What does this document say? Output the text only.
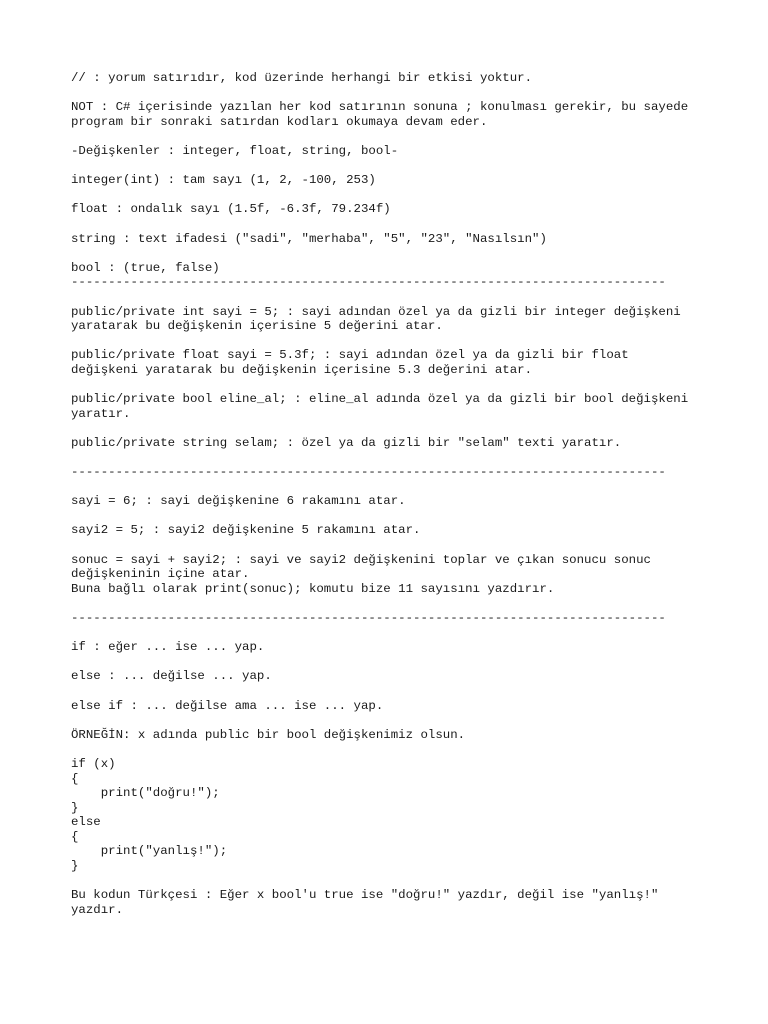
// : yorum satırıdır, kod üzerinde herhangi bir etkisi yoktur.
NOT : C# içerisinde yazılan her kod satırının sonuna ; konulması gerekir, bu sayede
program bir sonraki satırdan kodları okumaya devam eder.
-Değişkenler : integer, float, string, bool-
integer(int) : tam sayı (1, 2, -100, 253)
float : ondalık sayı (1.5f, -6.3f, 79.234f)
string : text ifadesi ("sadi", "merhaba", "5", "23", "Nasılsın")
bool : (true, false)
--------------------------------------------------------------------------------
public/private int sayi = 5; : sayi adından özel ya da gizli bir integer değişkeni
yaratarak bu değişkenin içerisine 5 değerini atar.
public/private float sayi = 5.3f; : sayi adından özel ya da gizli bir float
değişkeni yaratarak bu değişkenin içerisine 5.3 değerini atar.
public/private bool eline_al; : eline_al adında özel ya da gizli bir bool değişkeni
yaratır.
public/private string selam; : özel ya da gizli bir "selam" texti yaratır.
--------------------------------------------------------------------------------
sayi = 6; : sayi değişkenine 6 rakamını atar.
sayi2 = 5; : sayi2 değişkenine 5 rakamını atar.
sonuc = sayi + sayi2; : sayi ve sayi2 değişkenini toplar ve çıkan sonucu sonuc
değişkeninin içine atar.
Buna bağlı olarak print(sonuc); komutu bize 11 sayısını yazdırır.
--------------------------------------------------------------------------------
if : eğer ... ise ... yap.
else : ... değilse ... yap.
else if : ... değilse ama ... ise ... yap.
ÖRNEĞİN: x adında public bir bool değişkenimiz olsun.
if (x)
{
print("doğru!");
}
else
{
print("yanlış!");
}
Bu kodun Türkçesi : Eğer x bool'u true ise "doğru!" yazdır, değil ise "yanlış!"
yazdır.
